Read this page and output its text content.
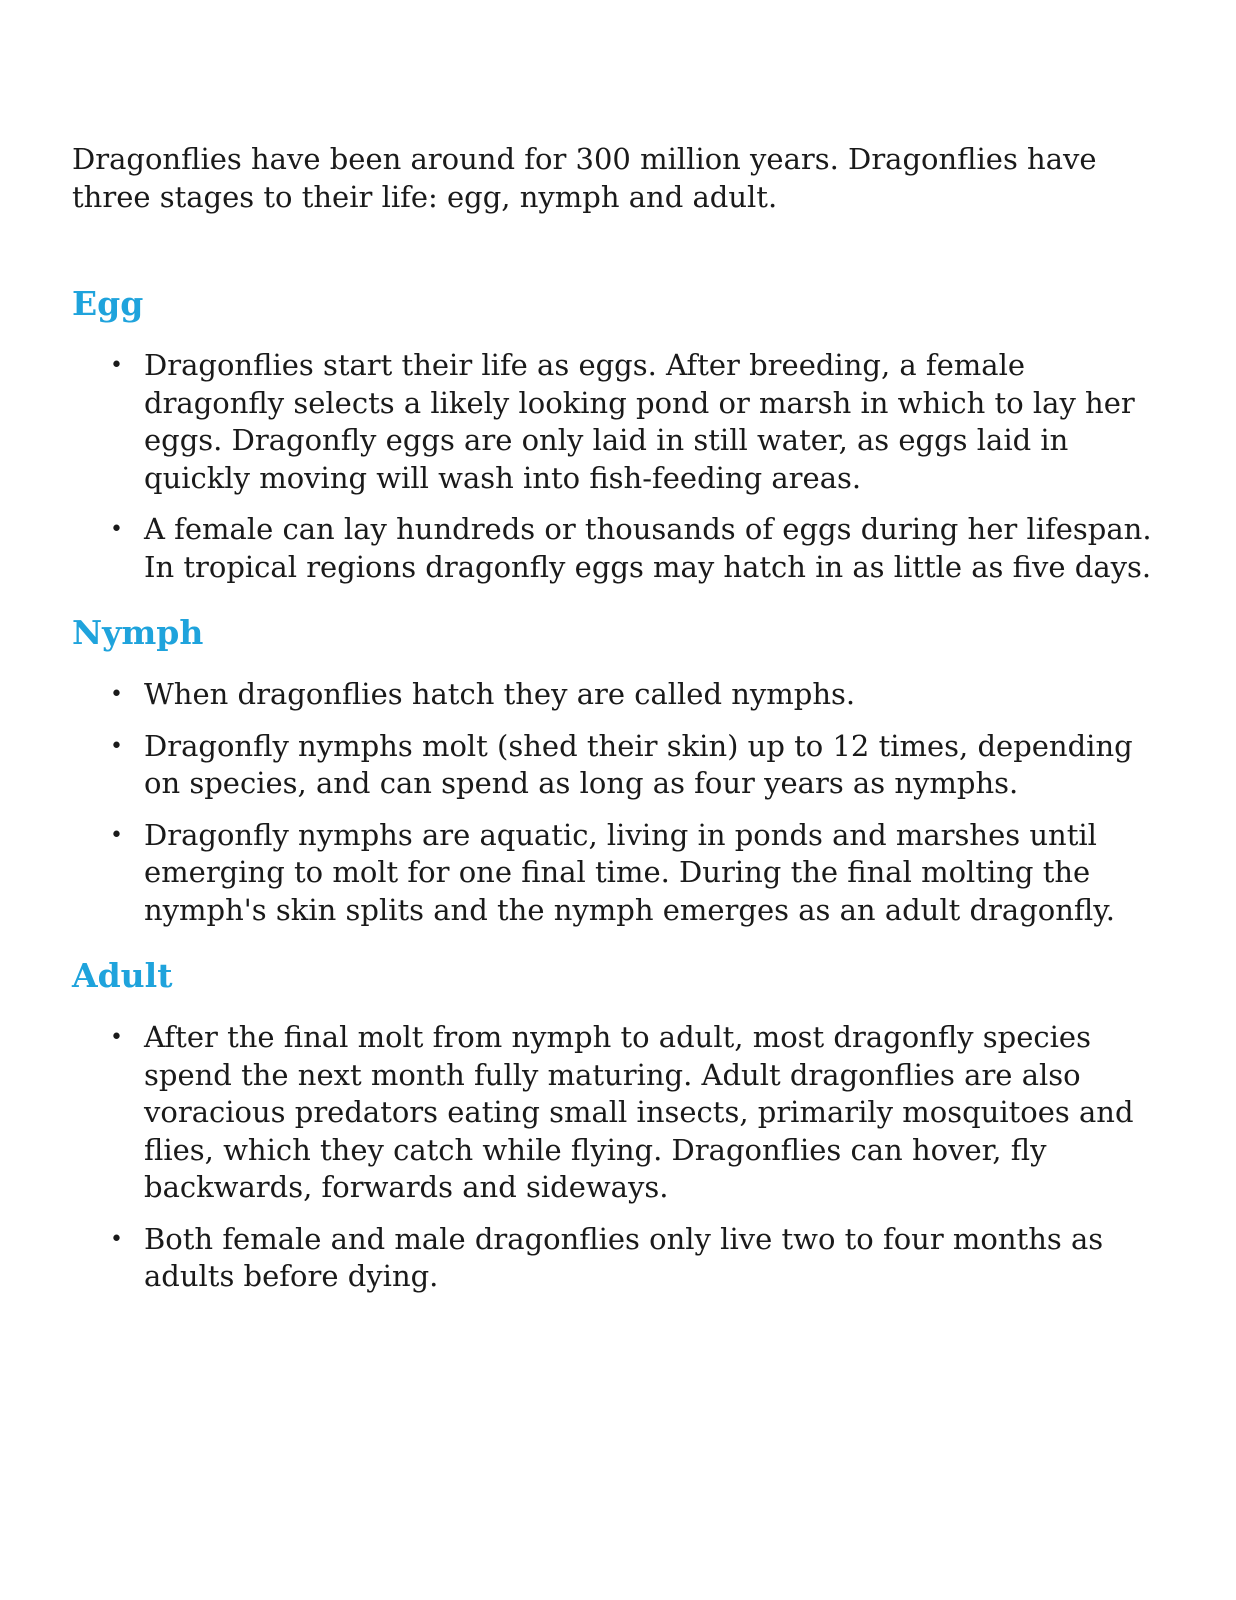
Dragonflies have been around for 300 million years. Dragonflies have three stages to their life: egg, nymph and adult.

Egg
• Dragonflies start their life as eggs. After breeding, a female dragonfly selects a likely looking pond or marsh in which to lay her eggs. Dragonfly eggs are only laid in still water, as eggs laid in quickly moving will wash into fish-feeding areas.
• A female can lay hundreds or thousands of eggs during her lifespan. In tropical regions dragonfly eggs may hatch in as little as five days.
Nymph
• When dragonflies hatch they are called nymphs.
• Dragonfly nymphs molt (shed their skin) up to 12 times, depending on species, and can spend as long as four years as nymphs.
• Dragonfly nymphs are aquatic, living in ponds and marshes until emerging to molt for one final time. During the final molting the nymph's skin splits and the nymph emerges as an adult dragonfly.
Adult
• After the final molt from nymph to adult, most dragonfly species spend the next month fully maturing. Adult dragonflies are also voracious predators eating small insects, primarily mosquitoes and flies, which they catch while flying. Dragonflies can hover, fly backwards, forwards and sideways.
• Both female and male dragonflies only live two to four months as adults before dying.
